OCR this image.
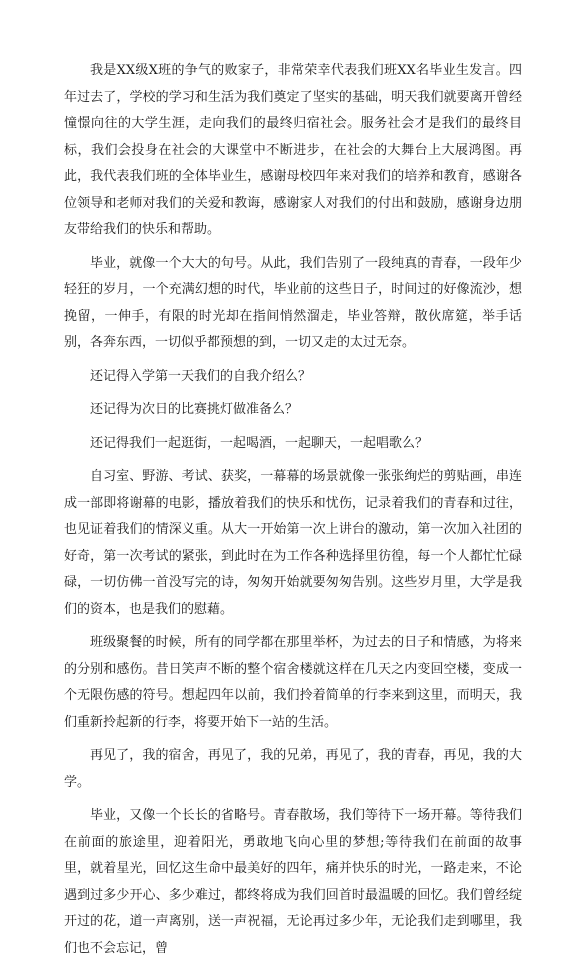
我是XX级X班的争气的败家子，非常荣幸代表我们班XX名毕业生发言。四年过去了，学校的学习和生活为我们奠定了坚实的基础，明天我们就要离开曾经憧憬向往的大学生涯，走向我们的最终归宿社会。服务社会才是我们的最终目标，我们会投身在社会的大课堂中不断进步，在社会的大舞台上大展鸿图。再此，我代表我们班的全体毕业生，感谢母校四年来对我们的培养和教育，感谢各位领导和老师对我们的关爱和教诲，感谢家人对我们的付出和鼓励，感谢身边朋友带给我们的快乐和帮助。

毕业，就像一个大大的句号。从此，我们告别了一段纯真的青春，一段年少轻狂的岁月，一个充满幻想的时代，毕业前的这些日子，时间过的好像流沙，想挽留，一伸手，有限的时光却在指间悄然溜走，毕业答辩，散伙席筵，举手话别，各奔东西，一切似乎都预想的到，一切又走的太过无奈。

还记得入学第一天我们的自我介绍么？

还记得为次日的比赛挑灯做准备么？

还记得我们一起逛街，一起喝酒，一起聊天，一起唱歌么？

自习室、野游、考试、获奖，一幕幕的场景就像一张张绚烂的剪贴画，串连成一部即将谢幕的电影，播放着我们的快乐和忧伤，记录着我们的青春和过往，也见证着我们的情深义重。从大一开始第一次上讲台的激动，第一次加入社团的好奇，第一次考试的紧张，到此时在为工作各种选择里彷徨，每一个人都忙忙碌碌，一切仿佛一首没写完的诗，匆匆开始就要匆匆告别。这些岁月里，大学是我们的资本，也是我们的慰藉。

班级聚餐的时候，所有的同学都在那里举杯，为过去的日子和情感，为将来的分别和感伤。昔日笑声不断的整个宿舍楼就这样在几天之内变回空楼，变成一个无限伤感的符号。想起四年以前，我们拎着简单的行李来到这里，而明天，我们重新拎起新的行李，将要开始下一站的生活。

再见了，我的宿舍，再见了，我的兄弟，再见了，我的青春，再见，我的大学。

毕业，又像一个长长的省略号。青春散场，我们等待下一场开幕。等待我们在前面的旅途里，迎着阳光，勇敢地飞向心里的梦想;等待我们在前面的故事里，就着星光，回忆这生命中最美好的四年，痛并快乐的时光，一路走来，不论遇到过多少开心、多少难过，都终将成为我们回首时最温暖的回忆。我们曾经绽开过的花，道一声离别，送一声祝福，无论再过多少年，无论我们走到哪里，我们也不会忘记，曾
